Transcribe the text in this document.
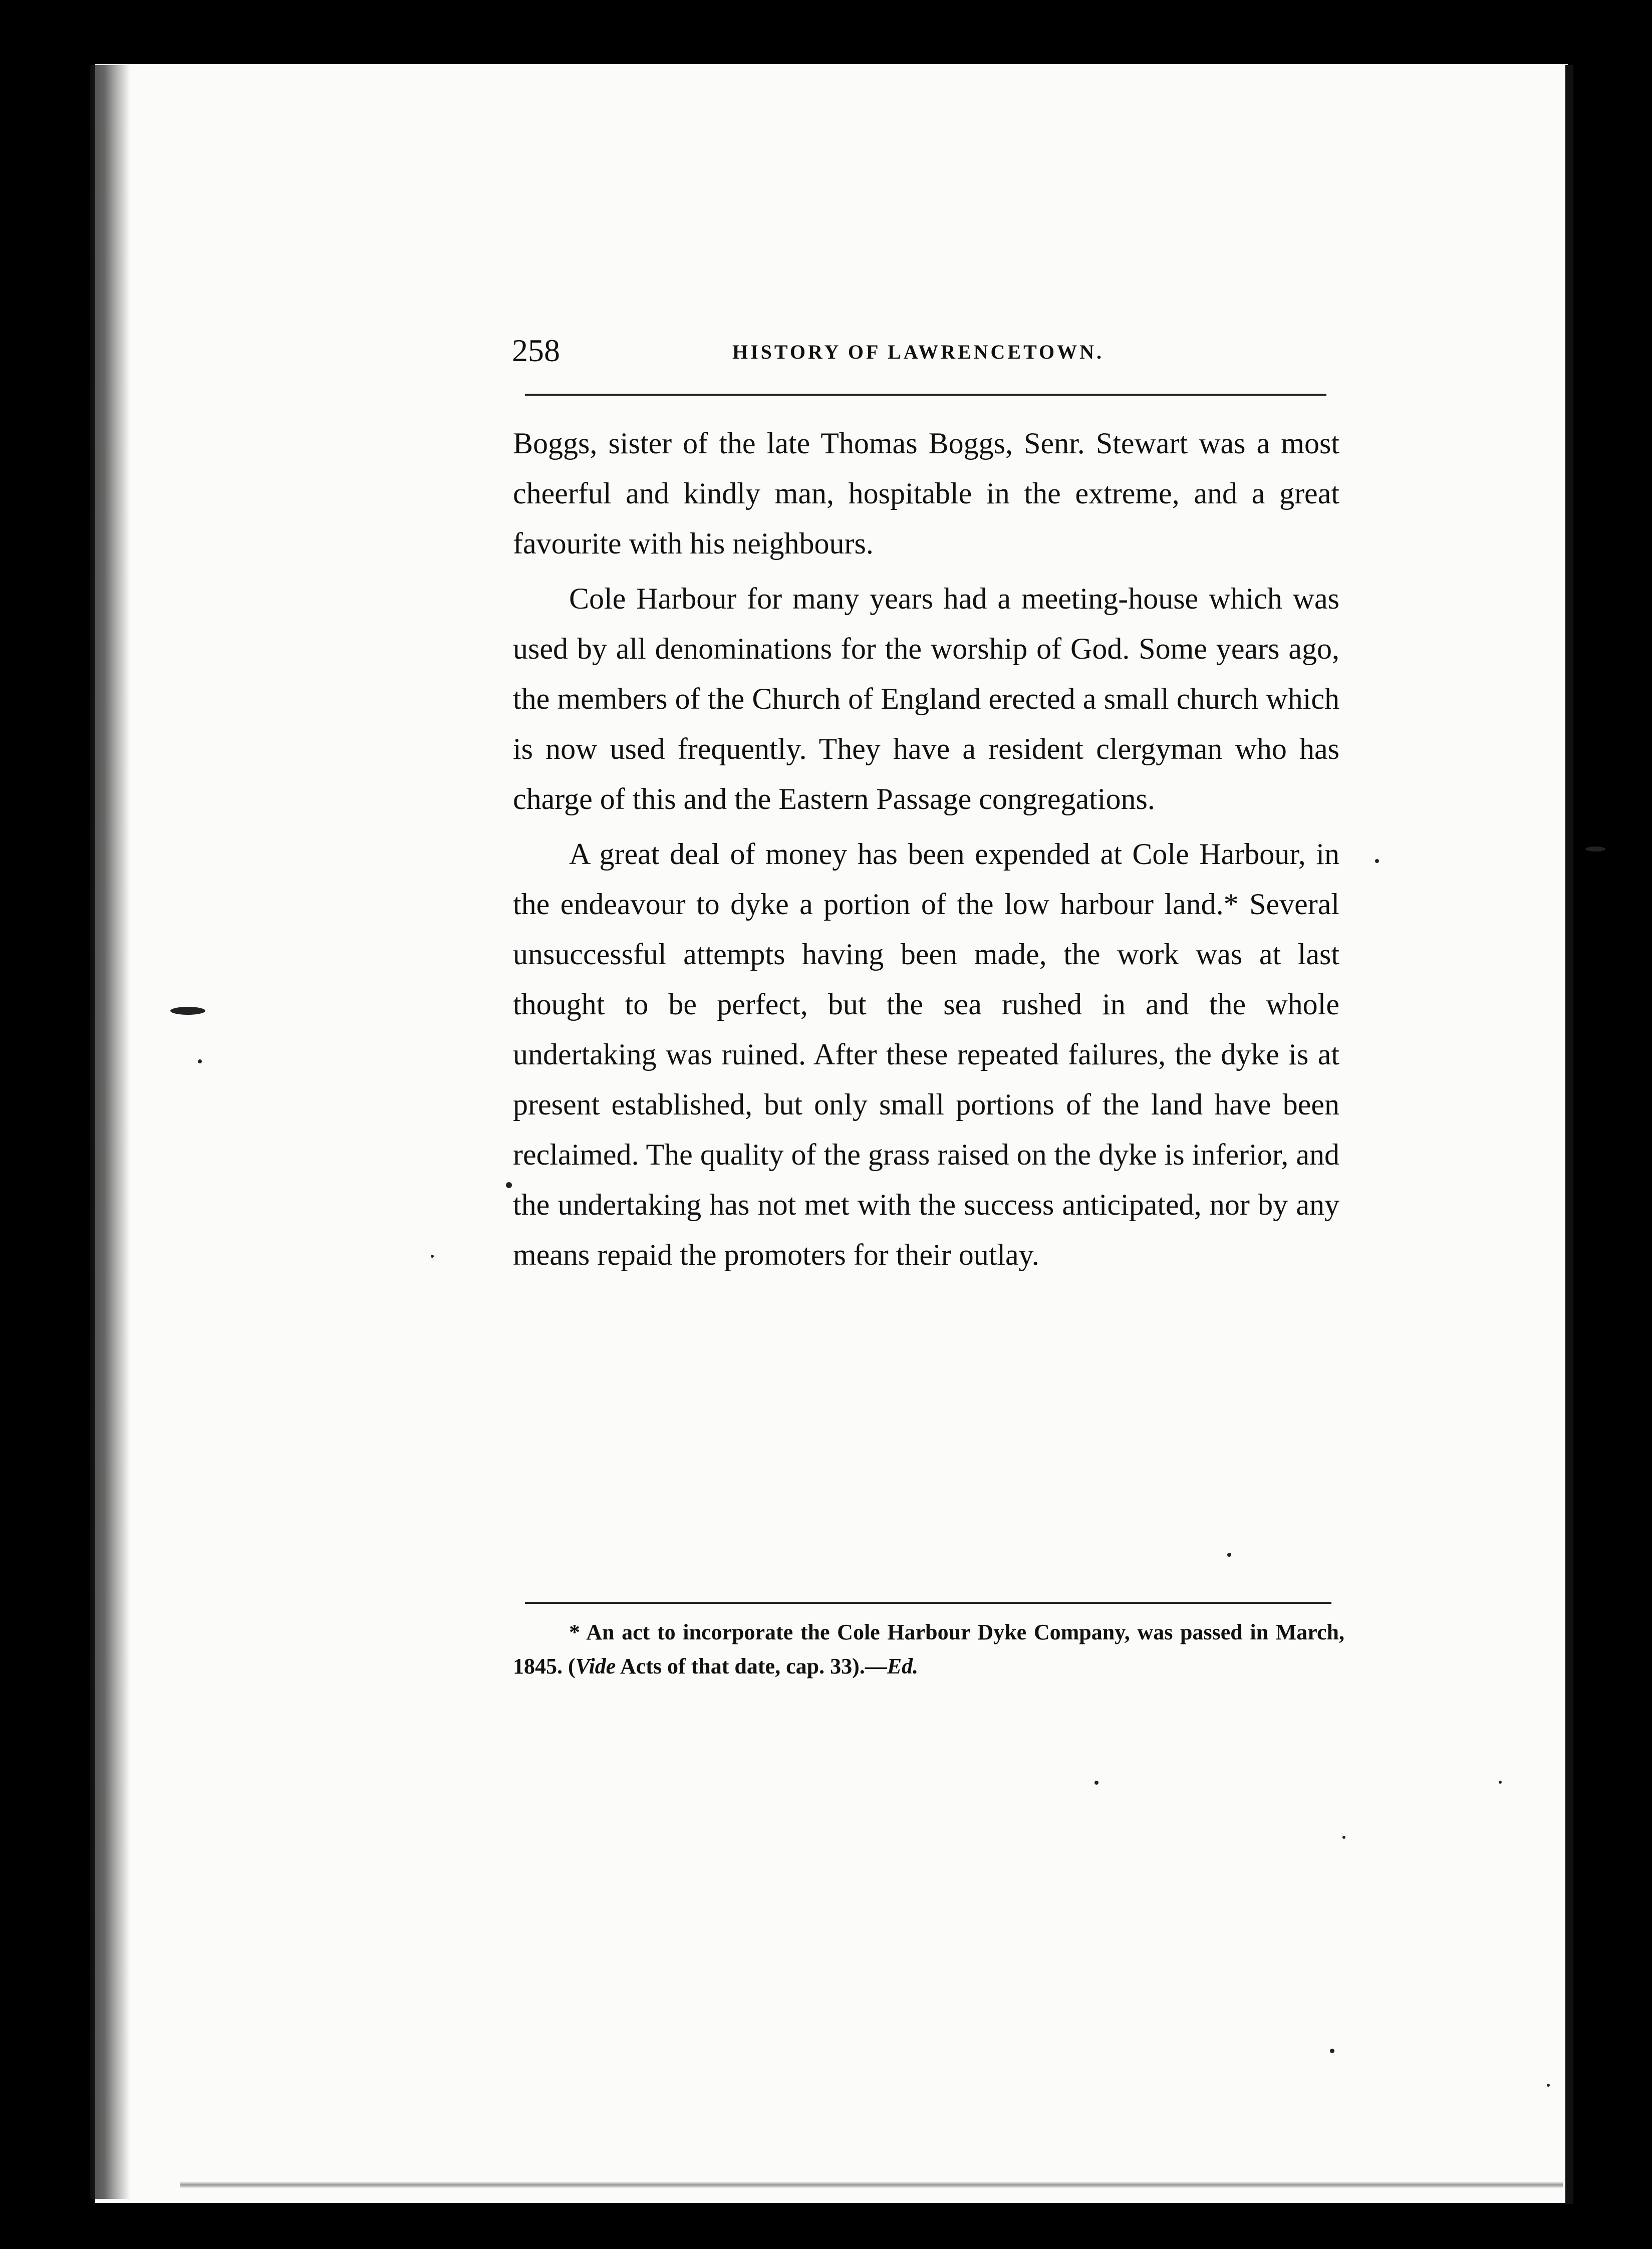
258	HISTORY OF LAWRENCETOWN.

Boggs, sister of the late Thomas Boggs, Senr. Stewart was a most cheerful and kindly man, hospitable in the extreme, and a great favourite with his neighbours.

Cole Harbour for many years had a meeting-house which was used by all denominations for the worship of God. Some years ago, the members of the Church of England erected a small church which is now used frequently. They have a resident clergyman who has charge of this and the Eastern Passage congregations.

A great deal of money has been expended at Cole Harbour, in the endeavour to dyke a portion of the low harbour land.* Several unsuccessful attempts having been made, the work was at last thought to be perfect, but the sea rushed in and the whole undertaking was ruined. After these repeated failures, the dyke is at present established, but only small portions of the land have been reclaimed. The quality of the grass raised on the dyke is inferior, and the undertaking has not met with the success anticipated, nor by any means repaid the promoters for their outlay.

* An act to incorporate the Cole Harbour Dyke Company, was passed in March, 1845. (Vide Acts of that date, cap. 33).—Ed.
